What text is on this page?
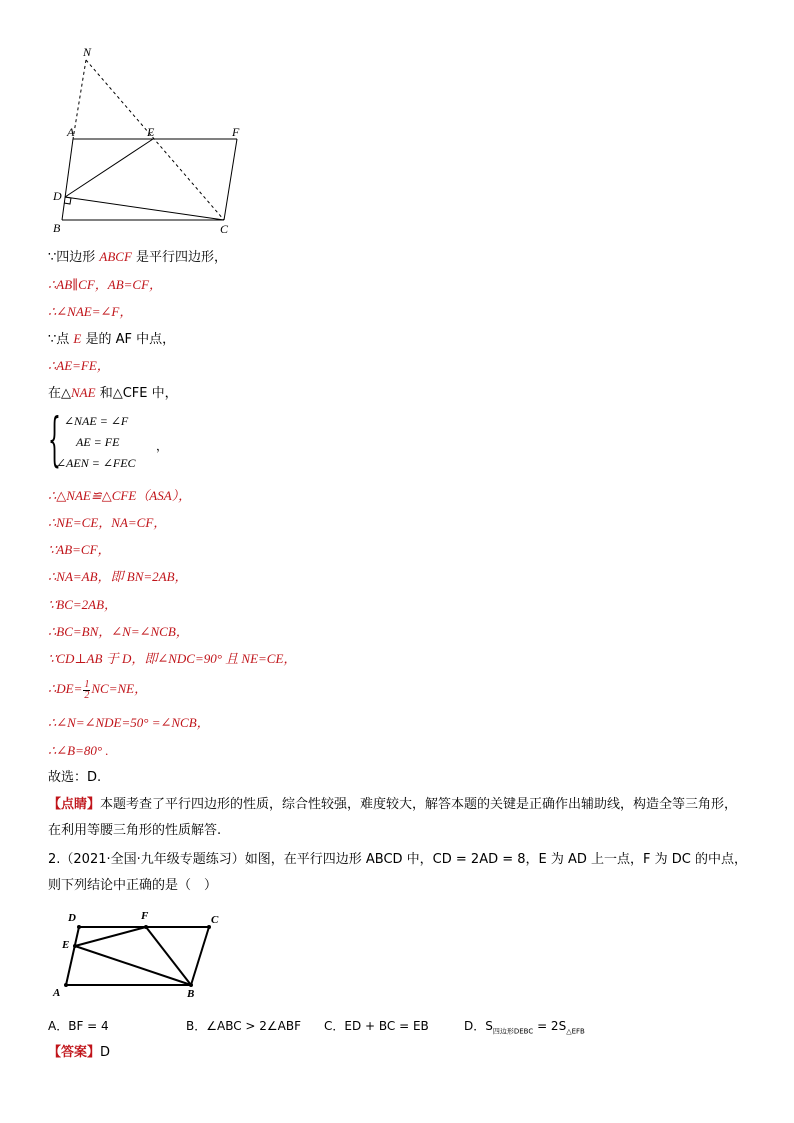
N
A	E	F
D
B	C
∵四边形 ABCF 是平行四边形，
∴AB∥CF，AB=CF，
∴∠NAE=∠F，
∵点 E 是的 AF 中点，
∴AE=FE，
在△NAE 和△CFE 中，
{ ∠NAE = ∠F
AE = FE
∠AEN = ∠FEC
，
∴△NAE≌△CFE（ASA），
∴NE=CE，NA=CF，
∵AB=CF，
∴NA=AB，即 BN=2AB，
∵BC=2AB，
∴BC=BN，∠N=∠NCB，
∵CD⊥AB 于 D，即∠NDC=90° 且 NE=CE，
∴DE= $\frac{1}{2} NC=NE$，
∴∠N=∠NDE=50° =∠NCB，
∴∠B=80° .
故选：D.
【点睛】本题考查了平行四边形的性质，综合性较强，难度较大，解答本题的关键是正确作出辅助线，构造全等三角形，在利用等腰三角形的性质解答.
2.（2021·全国·九年级专题练习）如图，在平行四边形 ABCD 中，CD = 2AD = 8，E 为 AD 上一点，F 为 DC 的中点，则下列结论中正确的是（　）
D	F	C
E
A	B
A．BF = 4	B．∠ABC > 2∠ABF C．ED + BC = EB	D．$S_{四边形DEBC} = 2S_{\triangle EFB}$
【答案】D
